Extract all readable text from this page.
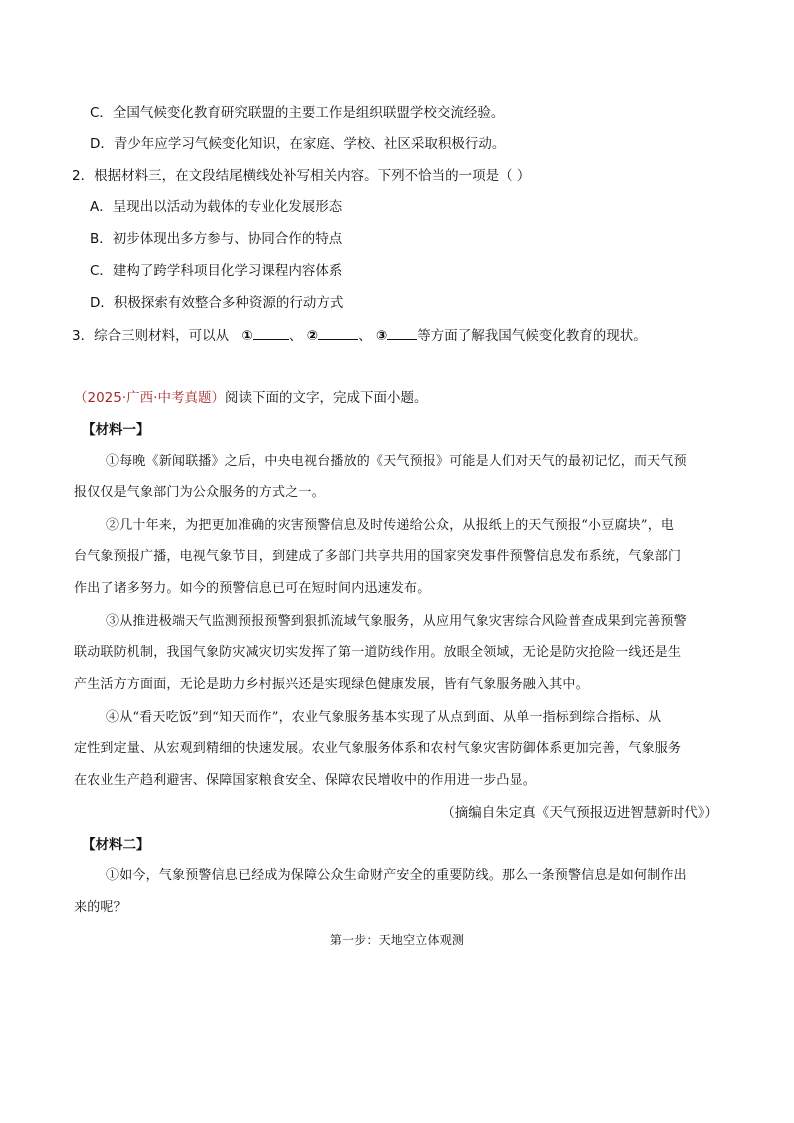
C．全国气候变化教育研究联盟的主要工作是组织联盟学校交流经验。
D．青少年应学习气候变化知识，在家庭、学校、社区采取积极行动。
2．根据材料三，在文段结尾横线处补写相关内容。下列不恰当的一项是（ ）
A．呈现出以活动为载体的专业化发展形态
B．初步体现出多方参与、协同合作的特点
C．建构了跨学科项目化学习课程内容体系
D．积极探索有效整合多种资源的行动方式
3．综合三则材料，可以从 ①	、 ②	、 ③ 等方面了解我国气候变化教育的现状。
（2025·广西·中考真题）阅读下面的文字，完成下面小题。
【材料一】
①每晚《新闻联播》之后，中央电视台播放的《天气预报》可能是人们对天气的最初记忆，而天气预
报仅仅是气象部门为公众服务的方式之一。
②几十年来，为把更加准确的灾害预警信息及时传递给公众，从报纸上的天气预报“小豆腐块”，电
台气象预报广播，电视气象节目，到建成了多部门共享共用的国家突发事件预警信息发布系统，气象部门
作出了诸多努力。如今的预警信息已可在短时间内迅速发布。
③从推进极端天气监测预报预警到狠抓流域气象服务，从应用气象灾害综合风险普查成果到完善预警
联动联防机制，我国气象防灾减灾切实发挥了第一道防线作用。放眼全领域，无论是防灾抢险一线还是生
产生活方方面面，无论是助力乡村振兴还是实现绿色健康发展，皆有气象服务融入其中。
④从“看天吃饭”到“知天而作”，农业气象服务基本实现了从点到面、从单一指标到综合指标、从
定性到定量、从宏观到精细的快速发展。农业气象服务体系和农村气象灾害防御体系更加完善，气象服务
在农业生产趋利避害、保障国家粮食安全、保障农民增收中的作用进一步凸显。
（摘编自朱定真《天气预报迈进智慧新时代》）
【材料二】
①如今，气象预警信息已经成为保障公众生命财产安全的重要防线。那么一条预警信息是如何制作出
来的呢？
第一步：天地空立体观测
